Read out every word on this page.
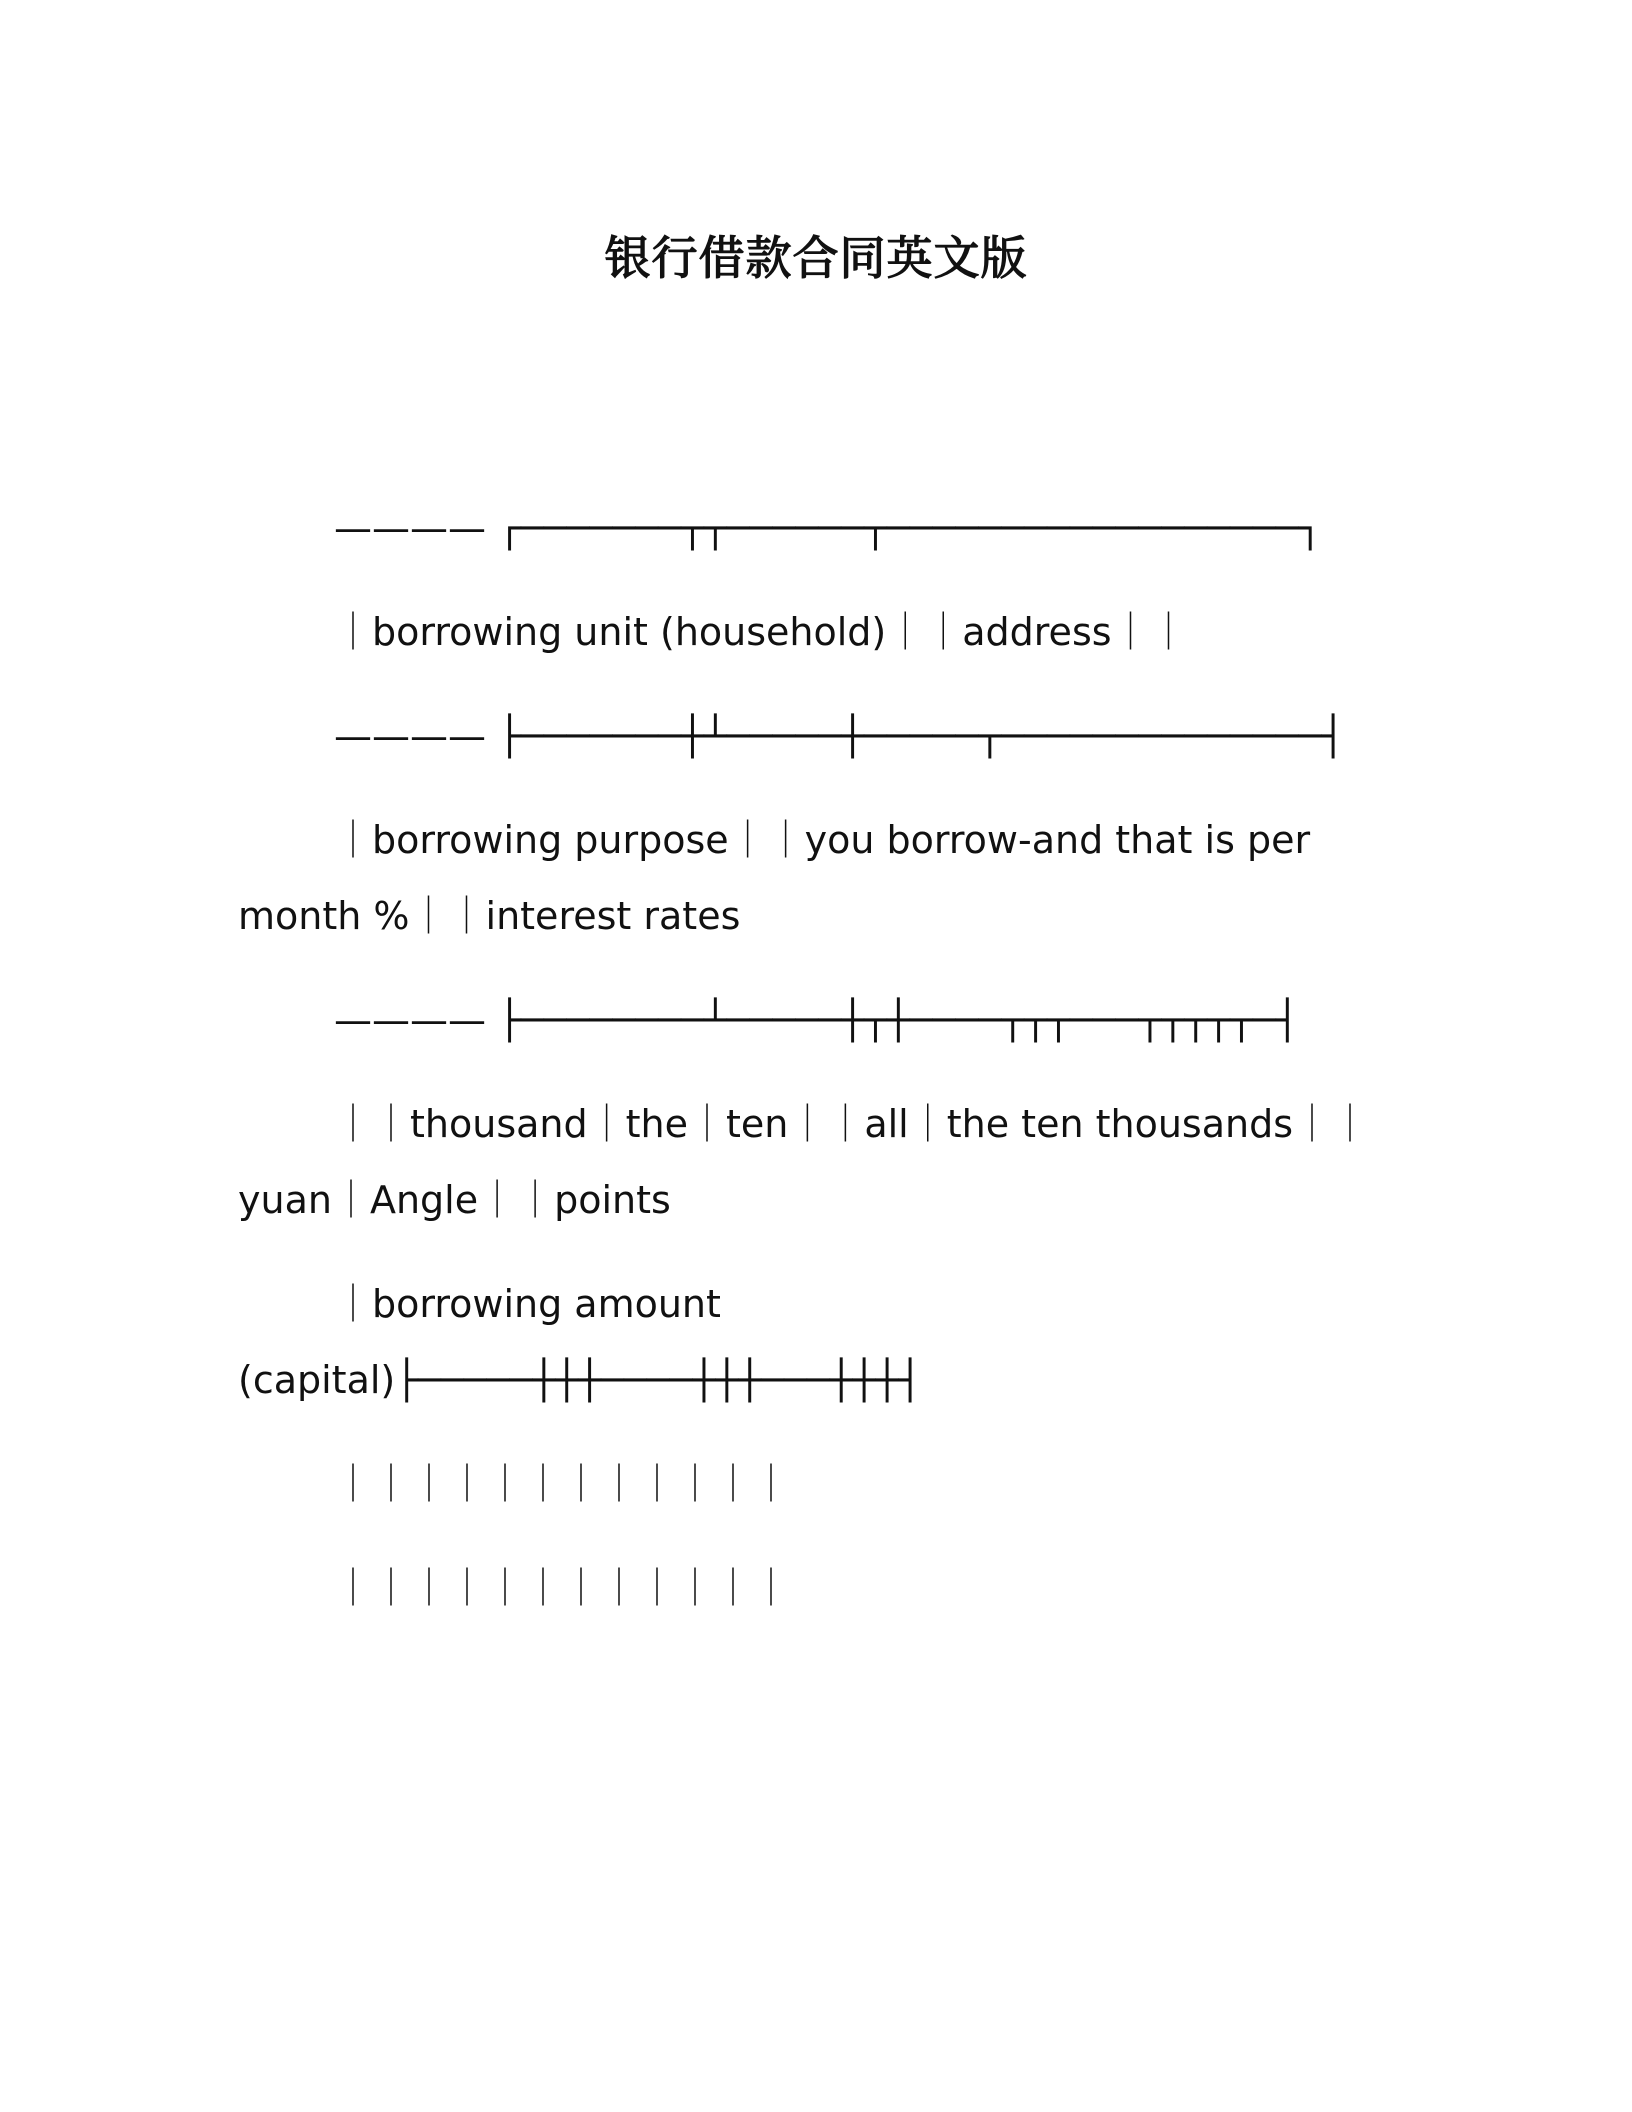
银行借款合同英文版

———— ┌───────┬┬──────┬──────────────────┐

｜borrowing unit (household)｜｜address｜｜

———— ├───────┼┴─────┼─────┬──────────────┤

｜borrowing purpose｜｜you borrow-and that is per month %｜｜interest rates

———— ├────────┴─────┼┬┼────┬┬┬───┬┬┬┬┬─┤

｜｜thousand｜the｜ten｜｜all｜the ten thousands｜｜yuan｜Angle｜｜points

｜borrowing amount (capital)├─────┼┼┼────┼┼┼───┼┼┼┤

｜｜｜｜｜｜｜｜｜｜｜｜

｜｜｜｜｜｜｜｜｜｜｜｜
